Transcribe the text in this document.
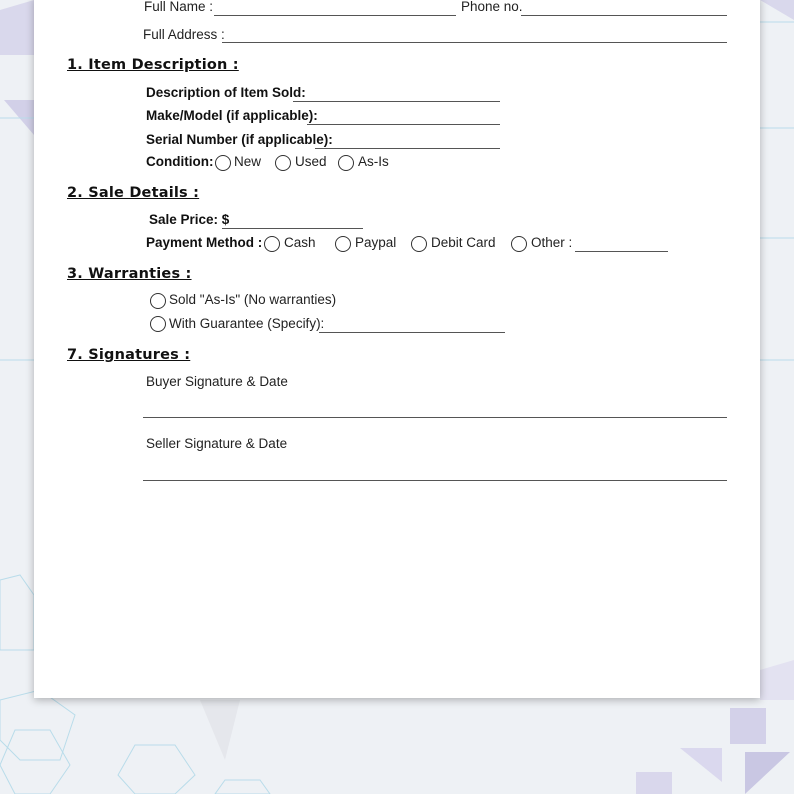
Full Name :	Phone no.
Full Address :
1. Item Description :
Description of Item Sold:
Make/Model (if applicable):
Serial Number (if applicable):
Condition: New	Used As-Is
2. Sale Details :
Sale Price: $
Payment Method : Cash	Paypal	Debit Card	Other :
3. Warranties :
Sold "As-Is" (No warranties)
With Guarantee (Specify):
7. Signatures :
Buyer Signature & Date
Seller Signature & Date
